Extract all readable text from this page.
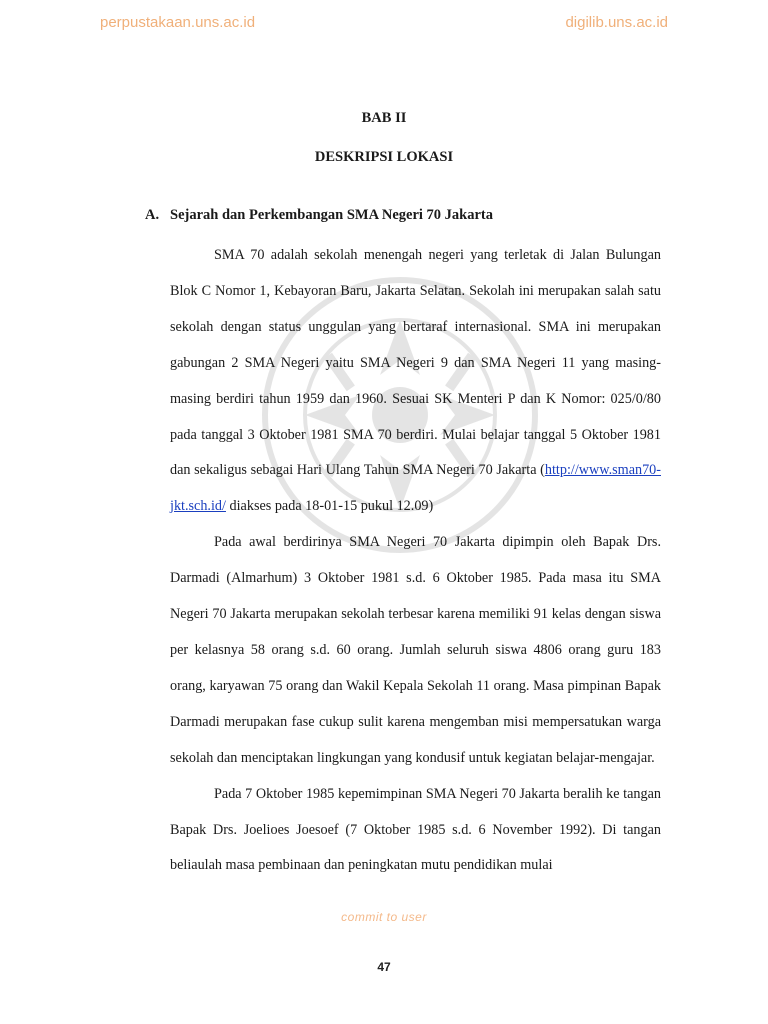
perpustakaan.uns.ac.id	digilib.uns.ac.id
BAB II
DESKRIPSI LOKASI
A. Sejarah dan Perkembangan SMA Negeri 70 Jakarta

SMA 70 adalah sekolah menengah negeri yang terletak di Jalan Bulungan Blok C Nomor 1, Kebayoran Baru, Jakarta Selatan. Sekolah ini merupakan salah satu sekolah dengan status unggulan yang bertaraf internasional. SMA ini merupakan gabungan 2 SMA Negeri yaitu SMA Negeri 9 dan SMA Negeri 11 yang masing-masing berdiri tahun 1959 dan 1960. Sesuai SK Menteri P dan K Nomor: 025/0/80 pada tanggal 3 Oktober 1981 SMA 70 berdiri. Mulai belajar tanggal 5 Oktober 1981 dan sekaligus sebagai Hari Ulang Tahun SMA Negeri 70 Jakarta (http://www.sman70-jkt.sch.id/ diakses pada 18-01-15 pukul 12.09)

Pada awal berdirinya SMA Negeri 70 Jakarta dipimpin oleh Bapak Drs. Darmadi (Almarhum) 3 Oktober 1981 s.d. 6 Oktober 1985. Pada masa itu SMA Negeri 70 Jakarta merupakan sekolah terbesar karena memiliki 91 kelas dengan siswa per kelasnya 58 orang s.d. 60 orang. Jumlah seluruh siswa 4806 orang guru 183 orang, karyawan 75 orang dan Wakil Kepala Sekolah 11 orang. Masa pimpinan Bapak Darmadi merupakan fase cukup sulit karena mengemban misi mempersatukan warga sekolah dan menciptakan lingkungan yang kondusif untuk kegiatan belajar-mengajar.

Pada 7 Oktober 1985 kepemimpinan SMA Negeri 70 Jakarta beralih ke tangan Bapak Drs. Joelioes Joesoef (7 Oktober 1985 s.d. 6 November 1992). Di tangan beliaulah masa pembinaan dan peningkatan mutu pendidikan mulai

commit to user
47
